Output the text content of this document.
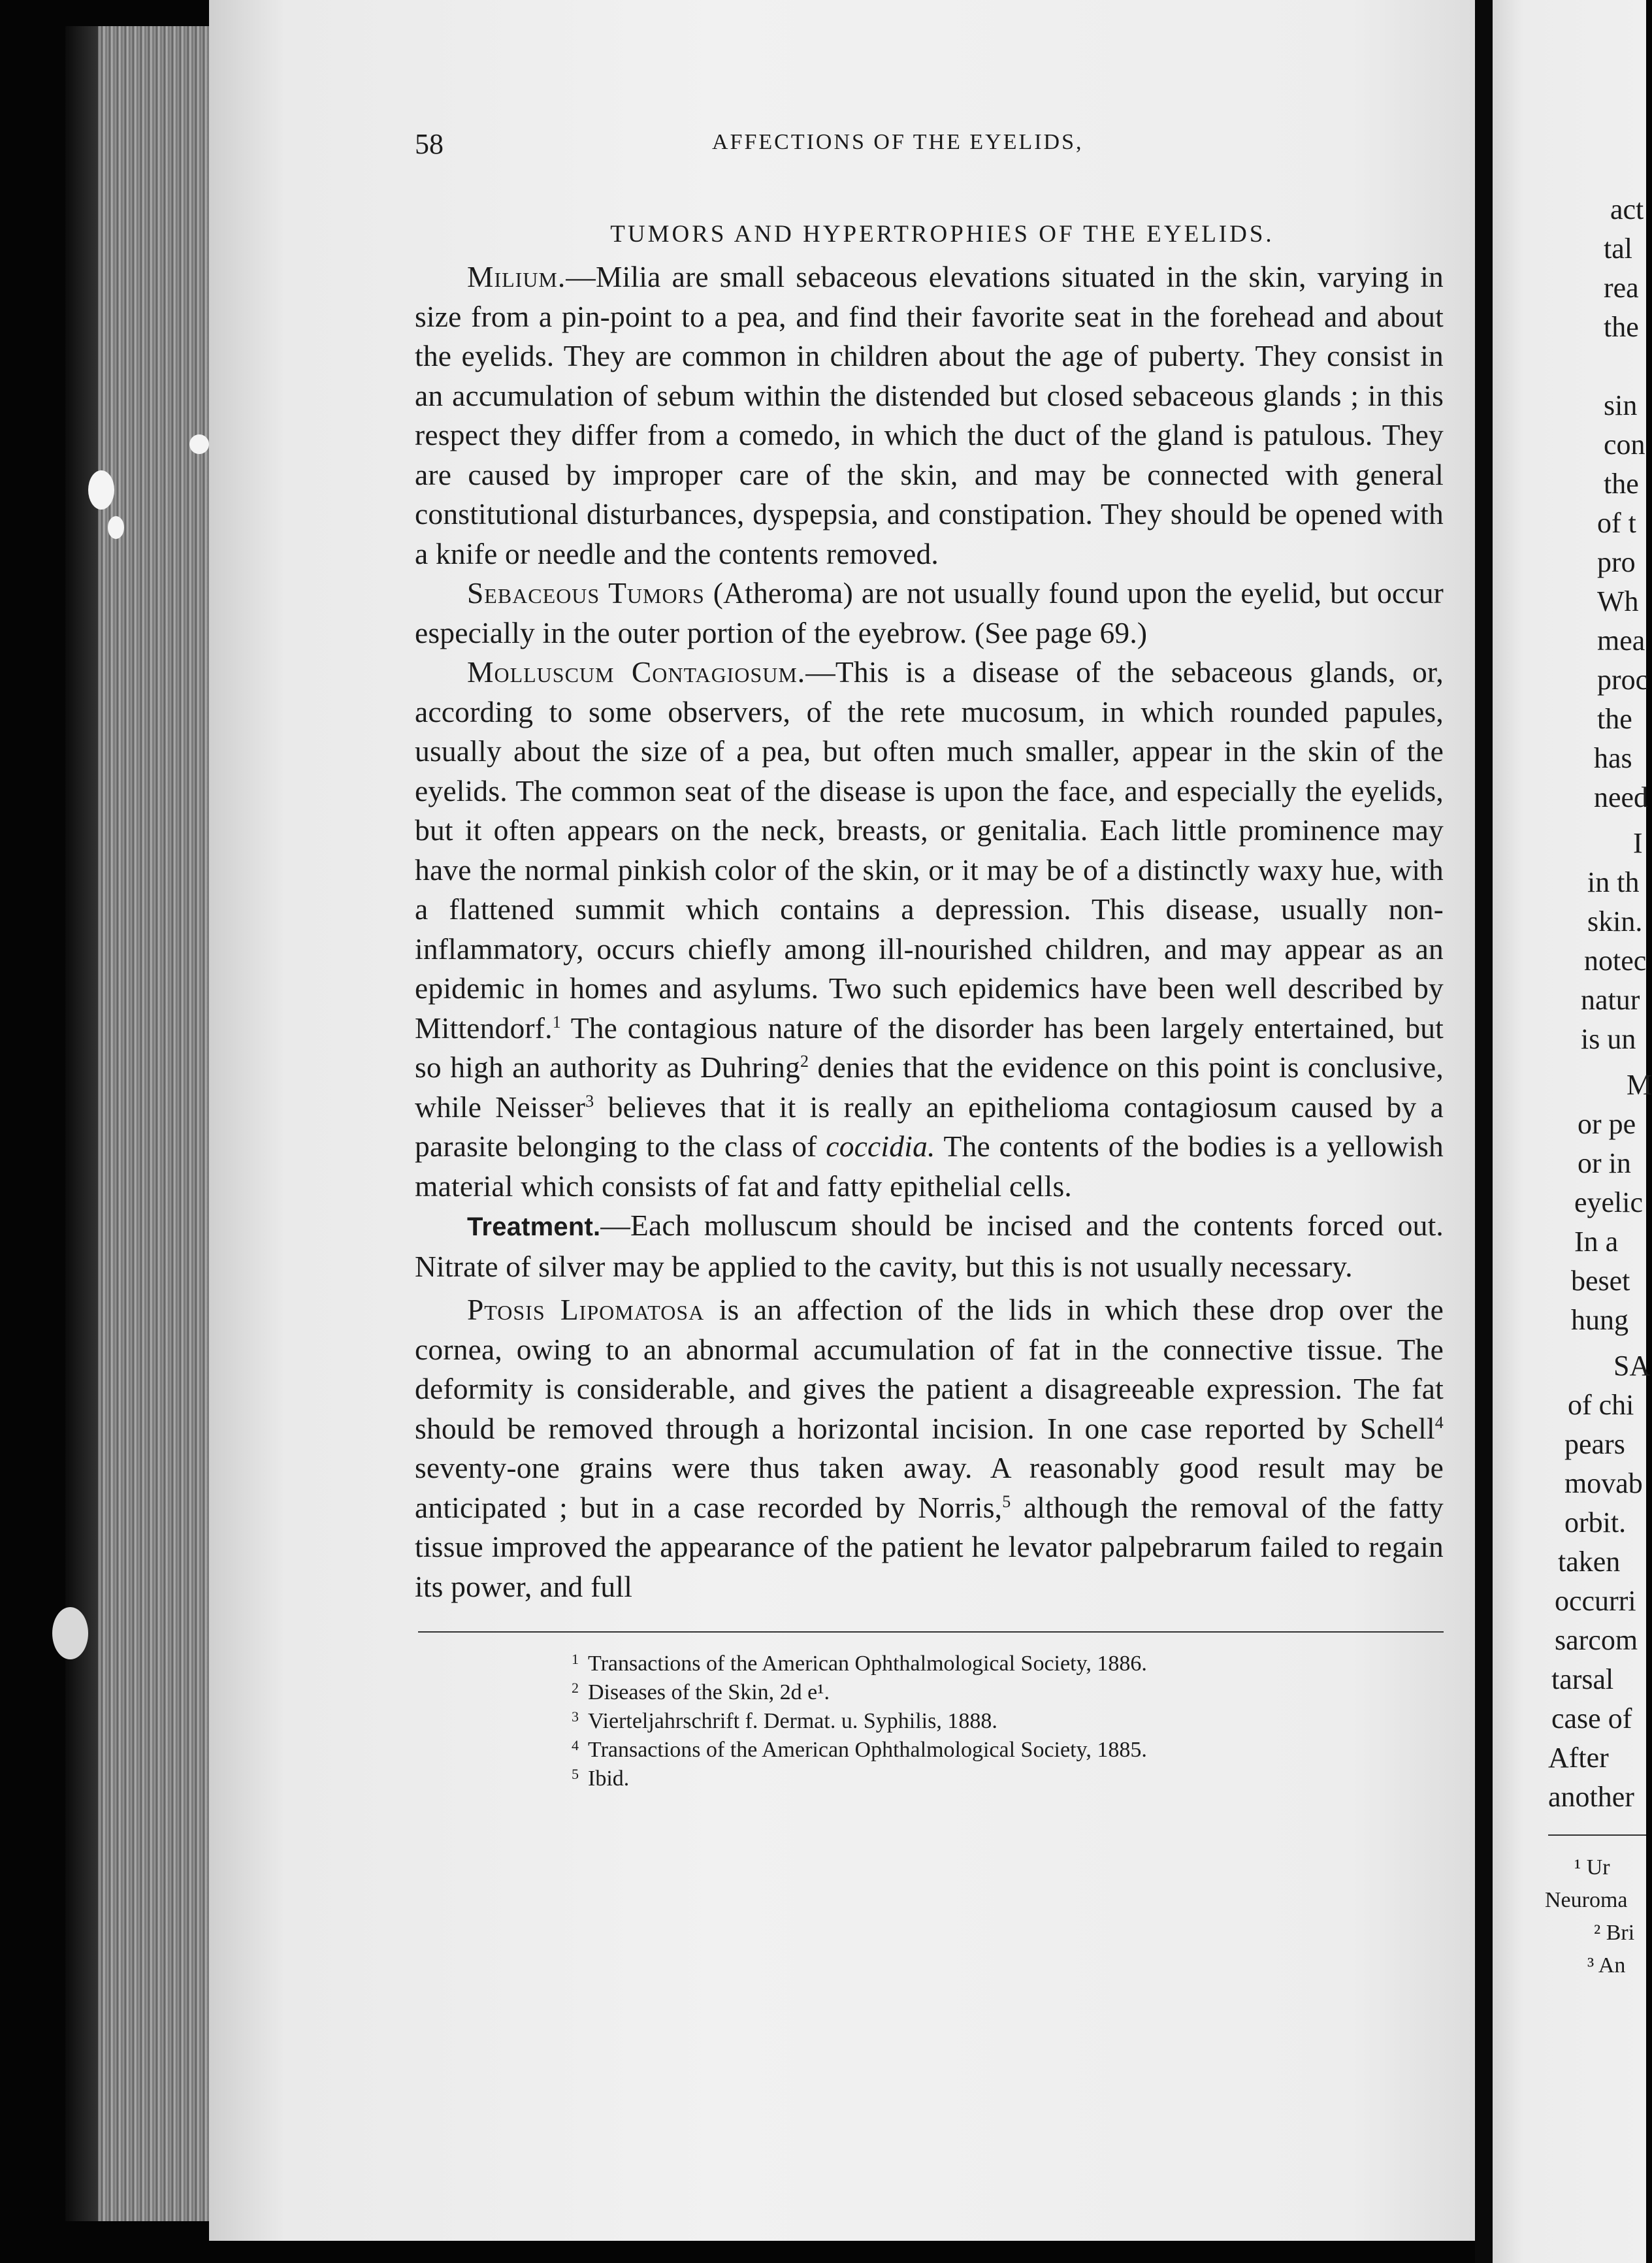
58	AFFECTIONS OF THE EYELIDS,
TUMORS AND HYPERTROPHIES OF THE EYELIDS.

Milium.—Milia are small sebaceous elevations situated in the skin, varying in size from a pin-point to a pea, and find their favorite seat in the forehead and about the eyelids. They are common in children about the age of puberty. They consist in an accumulation of sebum within the distended but closed sebaceous glands ; in this respect they differ from a comedo, in which the duct of the gland is patulous. They are caused by improper care of the skin, and may be connected with general constitutional disturbances, dyspepsia, and constipation. They should be opened with a knife or needle and the contents removed.

Sebaceous Tumors (Atheroma) are not usually found upon the eyelid, but occur especially in the outer portion of the eyebrow. (See page 69.)

Molluscum Contagiosum.—This is a disease of the sebaceous glands, or, according to some observers, of the rete mucosum, in which rounded papules, usually about the size of a pea, but often much smaller, appear in the skin of the eyelids. The common seat of the disease is upon the face, and especially the eyelids, but it often appears on the neck, breasts, or genitalia. Each little prominence may have the normal pinkish color of the skin, or it may be of a distinctly waxy hue, with a flattened summit which contains a depression. This disease, usually non-inflammatory, occurs chiefly among ill-nourished children, and may appear as an epidemic in homes and asylums. Two such epidemics have been well described by Mittendorf.$^1$ The contagious nature of the disorder has been largely entertained, but so high an authority as Duhring$^2$ denies that the evidence on this point is conclusive, while Neisser$^3$ believes that it is really an epithelioma contagiosum caused by a parasite belonging to the class of coccidia. The contents of the bodies is a yellowish material which consists of fat and fatty epithelial cells.

Treatment.—Each molluscum should be incised and the contents forced out. Nitrate of silver may be applied to the cavity, but this is not usually necessary.

Ptosis Lipomatosa is an affection of the lids in which these drop over the cornea, owing to an abnormal accumulation of fat in the connective tissue. The deformity is considerable, and gives the patient a disagreeable expression. The fat should be removed through a horizontal incision. In one case reported by Schell$^4$ seventy-one grains were thus taken away. A reasonably good result may be anticipated ; but in a case recorded by Norris,$^5$ although the removal of the fatty tissue improved the appearance of the patient he levator palpebrarum failed to regain its power, and full

1 Transactions of the American Ophthalmological Society, 1886.
2 Diseases of the Skin, 2d e¹.
3 Vierteljahrschrift f. Dermat. u. Syphilis, 1888.
4 Transactions of the American Ophthalmological Society, 1885.
5 Ibid.
act
tal
rea
the
sin
con
the
of t
pro
Wh
mea
proc
the
has
need
I
in th
skin.
notec
natur
is un
M
or pe
or in
eyelic
In a
beset
hung
SA
of chi
pears
movab
orbit.
taken
occurri
sarcom
tarsal
case of
After
another
¹ Ur
Neuroma
² Bri
³ An
